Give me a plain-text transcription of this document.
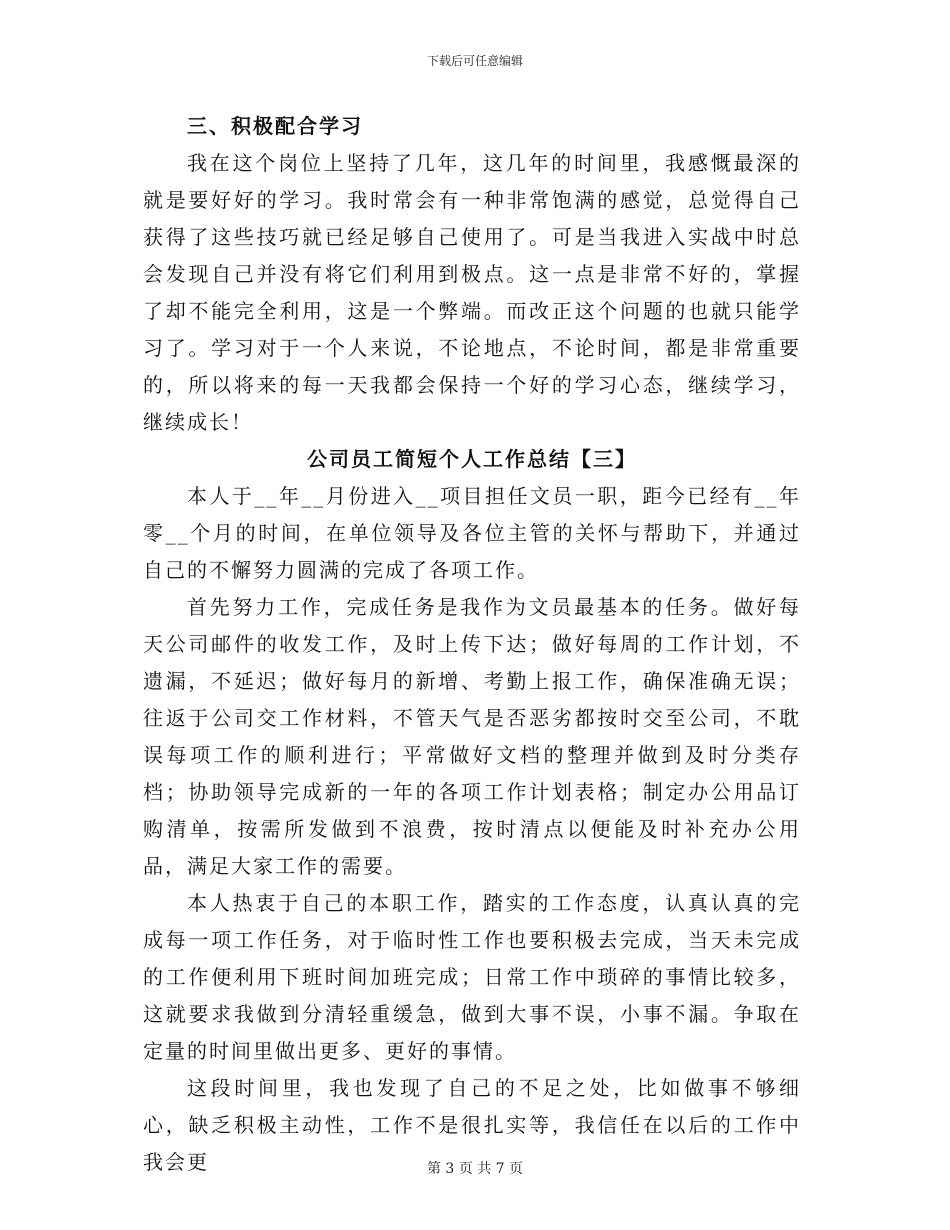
下载后可任意编辑
三、积极配合学习

我在这个岗位上坚持了几年，这几年的时间里，我感慨最深的就是要好好的学习。我时常会有一种非常饱满的感觉，总觉得自己获得了这些技巧就已经足够自己使用了。可是当我进入实战中时总会发现自己并没有将它们利用到极点。这一点是非常不好的，掌握了却不能完全利用，这是一个弊端。而改正这个问题的也就只能学习了。学习对于一个人来说，不论地点，不论时间，都是非常重要的，所以将来的每一天我都会保持一个好的学习心态，继续学习，继续成长！

公司员工简短个人工作总结【三】

本人于__年__月份进入__项目担任文员一职，距今已经有__年零__个月的时间，在单位领导及各位主管的关怀与帮助下，并通过自己的不懈努力圆满的完成了各项工作。

首先努力工作，完成任务是我作为文员最基本的任务。做好每天公司邮件的收发工作，及时上传下达；做好每周的工作计划，不遗漏，不延迟；做好每月的新增、考勤上报工作，确保准确无误；往返于公司交工作材料，不管天气是否恶劣都按时交至公司，不耽误每项工作的顺利进行；平常做好文档的整理并做到及时分类存档；协助领导完成新的一年的各项工作计划表格；制定办公用品订购清单，按需所发做到不浪费，按时清点以便能及时补充办公用品，满足大家工作的需要。

本人热衷于自己的本职工作，踏实的工作态度，认真认真的完成每一项工作任务，对于临时性工作也要积极去完成，当天未完成的工作便利用下班时间加班完成；日常工作中琐碎的事情比较多，这就要求我做到分清轻重缓急，做到大事不误，小事不漏。争取在定量的时间里做出更多、更好的事情。

这段时间里，我也发现了自己的不足之处，比如做事不够细心，缺乏积极主动性，工作不是很扎实等，我信任在以后的工作中我会更	第 3 页 共 7 页
